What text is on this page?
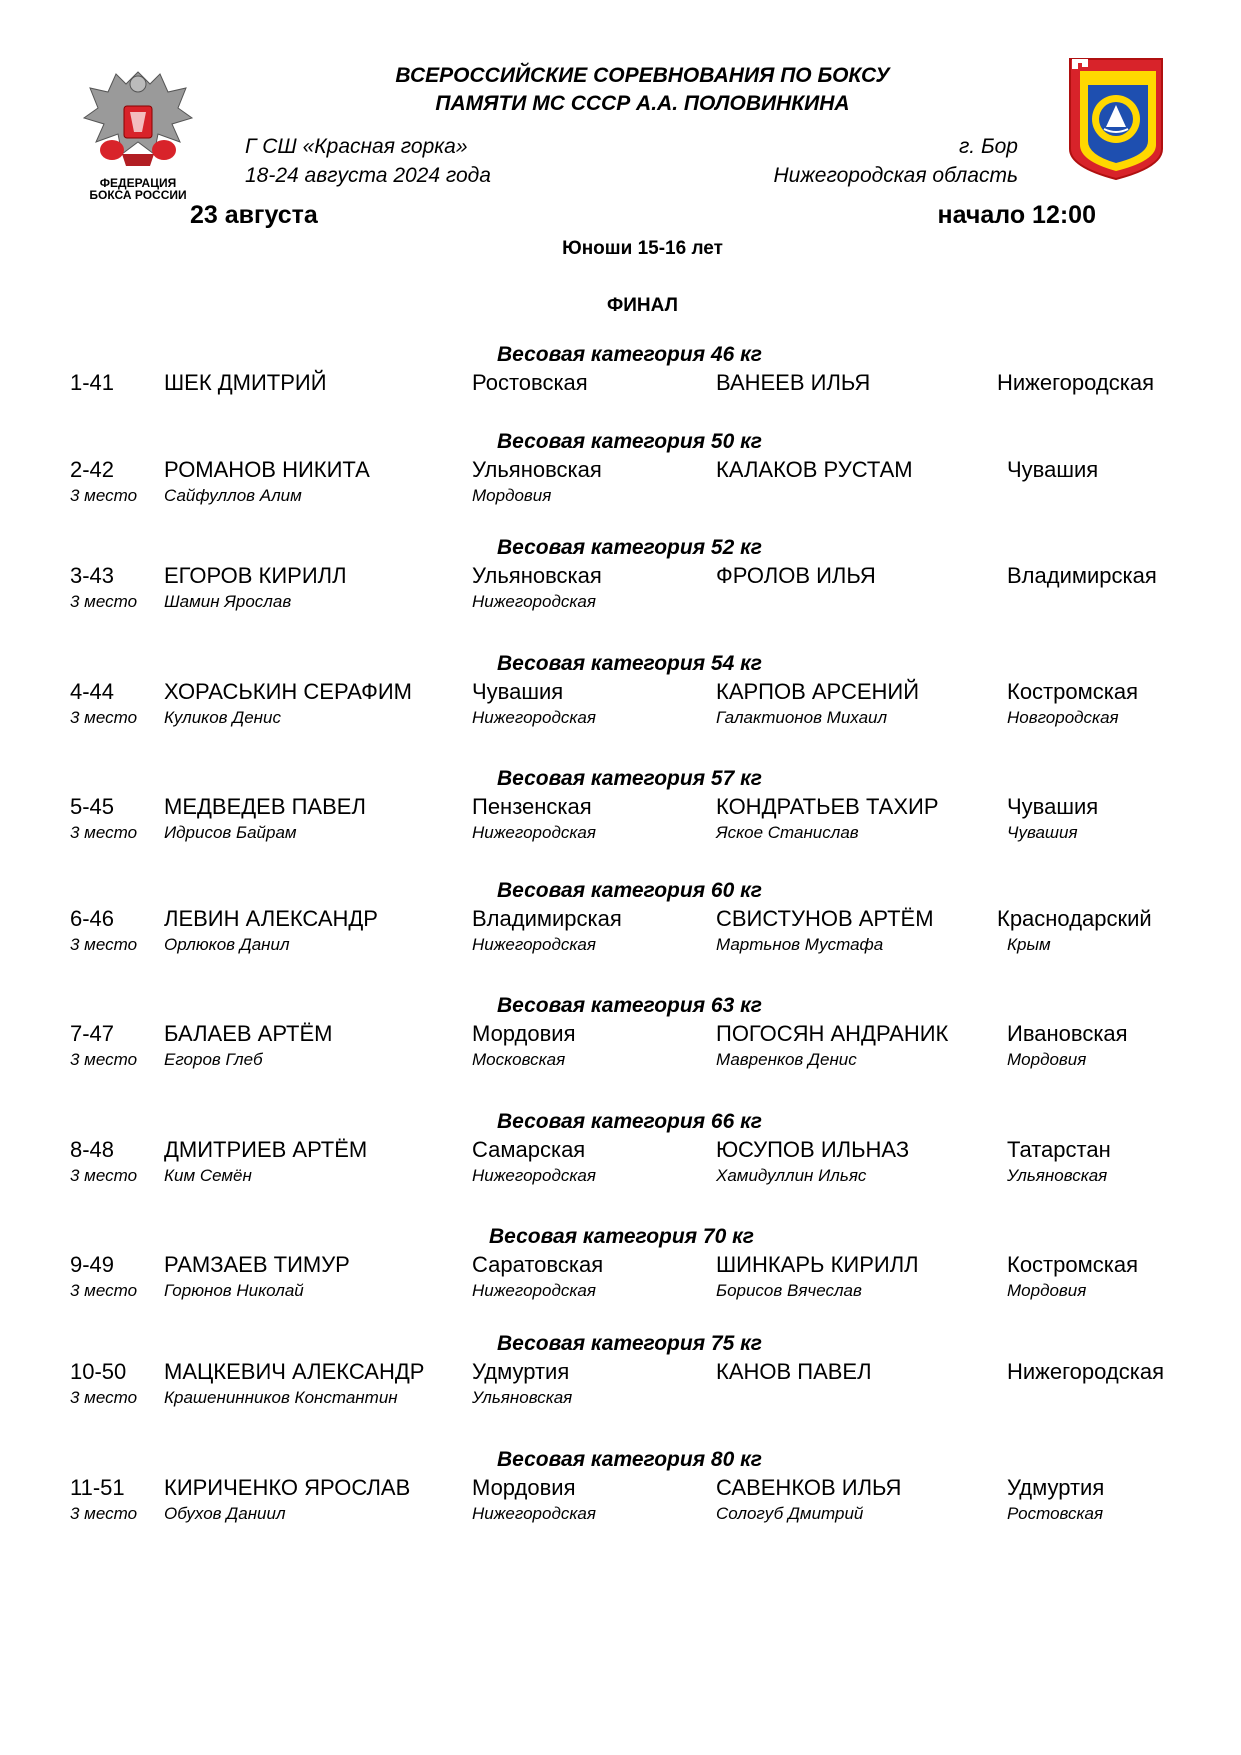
ФЕДЕРАЦИЯ
БОКСА РОССИИ
ВСЕРОССИЙСКИЕ СОРЕВНОВАНИЯ ПО БОКСУ
ПАМЯТИ МС СССР А.А. ПОЛОВИНКИНА
Г СШ «Красная горка»
18-24 августа 2024 года
г. Бор
Нижегородская область
23 августа	начало 12:00
Юноши 15-16 лет
ФИНАЛ
Весовая категория 46 кг
1-41 ШЕК ДМИТРИЙ	Ростовская	ВАНЕЕВ ИЛЬЯ	Нижегородская
Весовая категория 50 кг
2-42 РОМАНОВ НИКИТА	Ульяновская	КАЛАКОВ РУСТАМ	Чувашия
3 место Сайфуллов Алим	Мордовия
Весовая категория 52 кг
3-43 ЕГОРОВ КИРИЛЛ	Ульяновская	ФРОЛОВ ИЛЬЯ	Владимирская
3 место Шамин Ярослав	Нижегородская
Весовая категория 54 кг
4-44 ХОРАСЬКИН СЕРАФИМ	Чувашия	КАРПОВ АРСЕНИЙ	Костромская
3 место Куликов Денис	Нижегородская	Галактионов Михаил	Новгородская
Весовая категория 57 кг
5-45 МЕДВЕДЕВ ПАВЕЛ	Пензенская	КОНДРАТЬЕВ ТАХИР	Чувашия
3 место Идрисов Байрам	Нижегородская	Яское Станислав	Чувашия
Весовая категория 60 кг
6-46 ЛЕВИН АЛЕКСАНДР	Владимирская	СВИСТУНОВ АРТЁМ	Краснодарский
3 место Орлюков Данил	Нижегородская	Мартьнов Мустафа	Крым
Весовая категория 63 кг
7-47 БАЛАЕВ АРТЁМ	Мордовия	ПОГОСЯН АНДРАНИК	Ивановская
3 место Егоров Глеб	Московская	Мавренков Денис	Мордовия
Весовая категория 66 кг
8-48 ДМИТРИЕВ АРТЁМ	Самарская	ЮСУПОВ ИЛЬНАЗ	Татарстан
3 место Ким Семён	Нижегородская	Хамидуллин Ильяс	Ульяновская
Весовая категория 70 кг
9-49 РАМЗАЕВ ТИМУР	Саратовская	ШИНКАРЬ КИРИЛЛ	Костромская
3 место Горюнов Николай	Нижегородская	Борисов Вячеслав	Мордовия
Весовая категория 75 кг
10-50 МАЦКЕВИЧ АЛЕКСАНДР Удмуртия	КАНОВ ПАВЕЛ	Нижегородская
3 место Крашенинников Константин	Ульяновская
Весовая категория 80 кг
11-51 КИРИЧЕНКО ЯРОСЛАВ	Мордовия	САВЕНКОВ ИЛЬЯ	Удмуртия
3 место Обухов Даниил	Нижегородская	Сологуб Дмитрий	Ростовская
